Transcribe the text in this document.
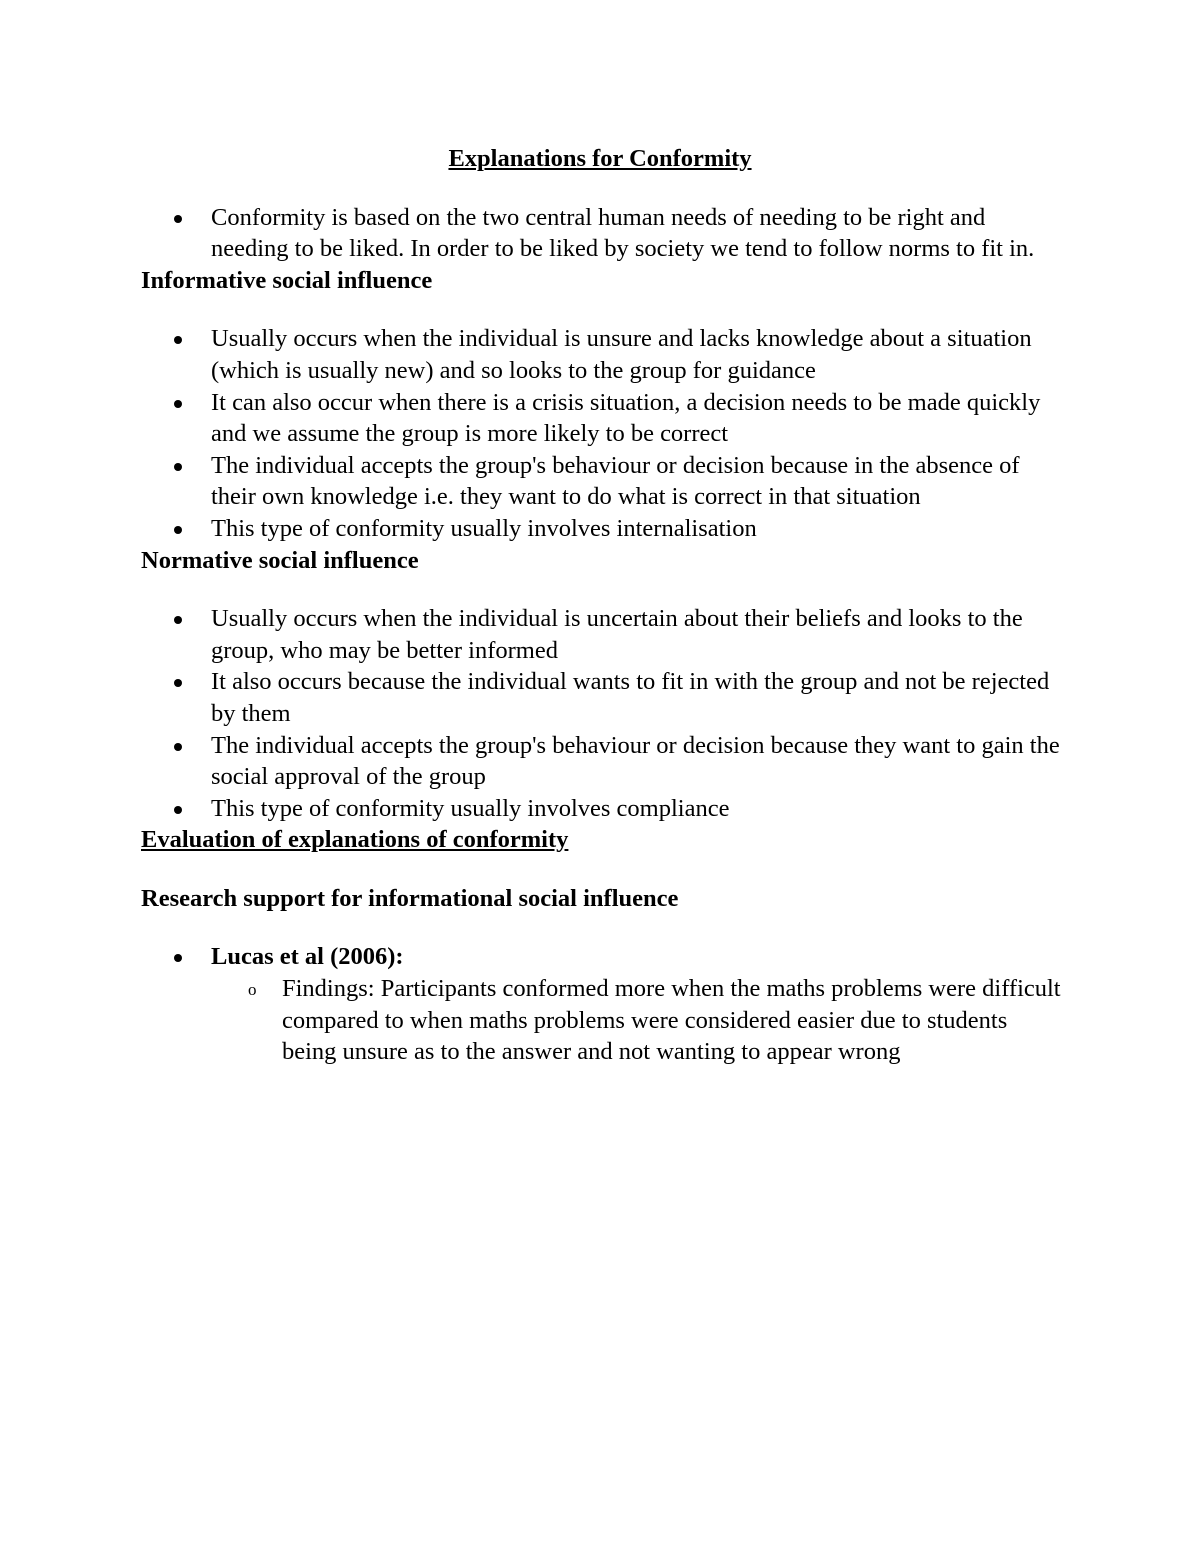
Explanations for Conformity
Conformity is based on the two central human needs of needing to be right and needing to be liked. In order to be liked by society we tend to follow norms to fit in.
Informative social influence
Usually occurs when the individual is unsure and lacks knowledge about a situation (which is usually new) and so looks to the group for guidance
It can also occur when there is a crisis situation, a decision needs to be made quickly and we assume the group is more likely to be correct
The individual accepts the group's behaviour or decision because in the absence of their own knowledge i.e. they want to do what is correct in that situation
This type of conformity usually involves internalisation
Normative social influence
Usually occurs when the individual is uncertain about their beliefs and looks to the group, who may be better informed
It also occurs because the individual wants to fit in with the group and not be rejected by them
The individual accepts the group's behaviour or decision because they want to gain the social approval of the group
This type of conformity usually involves compliance
Evaluation of explanations of conformity
Research support for informational social influence
Lucas et al (2006):
o Findings: Participants conformed more when the maths problems were difficult compared to when maths problems were considered easier due to students being unsure as to the answer and not wanting to appear wrong
